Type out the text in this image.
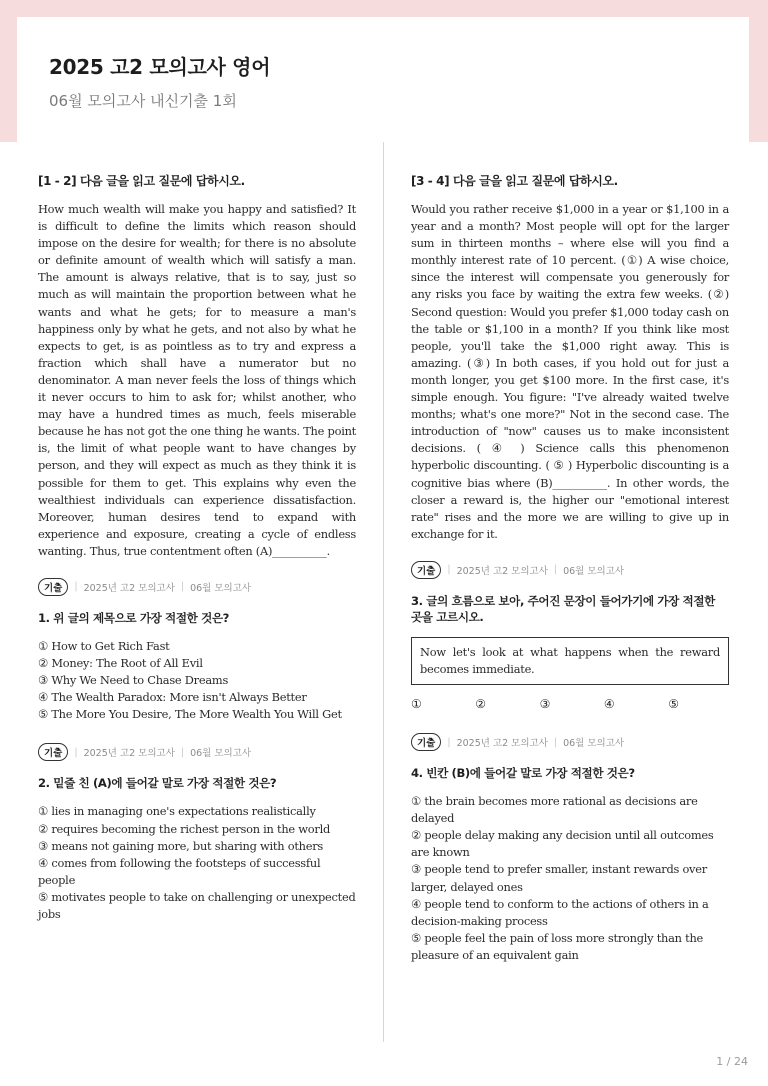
2025 고2 모의고사 영어
06월 모의고사 내신기출 1회
[1 - 2] 다음 글을 읽고 질문에 답하시오.

How much wealth will make you happy and satisfied? It is difficult to define the limits which reason should impose on the desire for wealth; for there is no absolute or definite amount of wealth which will satisfy a man. The amount is always relative, that is to say, just so much as will maintain the proportion between what he wants and what he gets; for to measure a man's happiness only by what he gets, and not also by what he expects to get, is as pointless as to try and express a fraction which shall have a numerator but no denominator. A man never feels the loss of things which it never occurs to him to ask for; whilst another, who may have a hundred times as much, feels miserable because he has not got the one thing he wants. The point is, the limit of what people want to have changes by person, and they will expect as much as they think it is possible for them to get. This explains why even the wealthiest individuals can experience dissatisfaction. Moreover, human desires tend to expand with experience and exposure, creating a cycle of endless wanting. Thus, true contentment often (A)__________.

기출	| 2025년 고2 모의고사 | 06월 모의고사
1. 위 글의 제목으로 가장 적절한 것은?
① How to Get Rich Fast
② Money: The Root of All Evil
③ Why We Need to Chase Dreams
④ The Wealth Paradox: More isn't Always Better
⑤ The More You Desire, The More Wealth You Will Get
기출	| 2025년 고2 모의고사 | 06월 모의고사
2. 밑줄 친 (A)에 들어갈 말로 가장 적절한 것은?
① lies in managing one's expectations realistically
② requires becoming the richest person in the world
③ means not gaining more, but sharing with others
④ comes from following the footsteps of successful people
⑤ motivates people to take on challenging or unexpected jobs
[3 - 4] 다음 글을 읽고 질문에 답하시오.

Would you rather receive $1,000 in a year or $1,100 in a year and a month? Most people will opt for the larger sum in thirteen months – where else will you find a monthly interest rate of 10 percent. (①) A wise choice, since the interest will compensate you generously for any risks you face by waiting the extra few weeks. (②) Second question: Would you prefer $1,000 today cash on the table or $1,100 in a month? If you think like most people, you'll take the $1,000 right away. This is amazing. (③) In both cases, if you hold out for just a month longer, you get $100 more. In the first case, it's simple enough. You figure: "I've already waited twelve months; what's one more?" Not in the second case. The introduction of "now" causes us to make inconsistent decisions. ( ④ ) Science calls this phenomenon hyperbolic discounting. ( ⑤ ) Hyperbolic discounting is a cognitive bias where (B)__________. In other words, the closer a reward is, the higher our "emotional interest rate" rises and the more we are willing to give up in exchange for it.

기출	| 2025년 고2 모의고사 | 06월 모의고사
3. 글의 흐름으로 보아, 주어진 문장이 들어가기에 가장 적절한 곳을 고르시오.
Now let's look at what happens when the reward becomes immediate.
①	②	③	④	⑤
기출	| 2025년 고2 모의고사 | 06월 모의고사
4. 빈칸 (B)에 들어갈 말로 가장 적절한 것은?
① the brain becomes more rational as decisions are delayed
② people delay making any decision until all outcomes are known
③ people tend to prefer smaller, instant rewards over larger, delayed ones
④ people tend to conform to the actions of others in a decision-making process
⑤ people feel the pain of loss more strongly than the pleasure of an equivalent gain
1 / 24
